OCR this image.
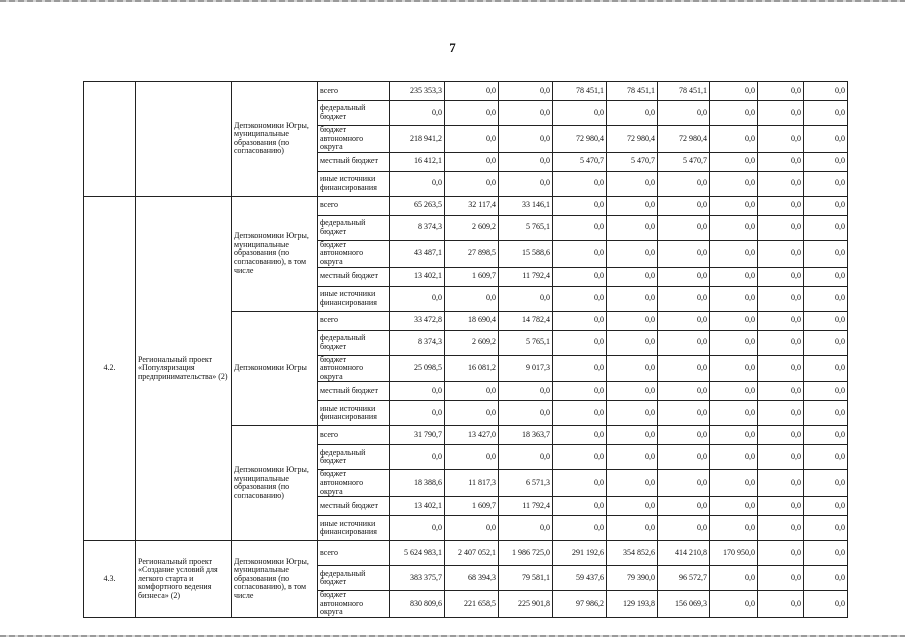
7
		Депэкономики Югры, муниципальные образования (по согласованию)	всего	235 353,3	0,0	0,0	78 451,1	78 451,1	78 451,1	0,0	0,0	0,0
			федеральный бюджет	0,0	0,0	0,0	0,0	0,0	0,0	0,0	0,0	0,0
			бюджет автономного округа	218 941,2	0,0	0,0	72 980,4	72 980,4	72 980,4	0,0	0,0	0,0
			местный бюджет	16 412,1	0,0	0,0	5 470,7	5 470,7	5 470,7	0,0	0,0	0,0
			иные источники финансирования	0,0	0,0	0,0	0,0	0,0	0,0	0,0	0,0	0,0
4.2.	Региональный проект «Популяризация предпринимательства» (2)	Депэкономики Югры, муниципальные образования (по согласованию), в том числе	всего	65 263,5	32 117,4	33 146,1	0,0	0,0	0,0	0,0	0,0	0,0
			федеральный бюджет	8 374,3	2 609,2	5 765,1	0,0	0,0	0,0	0,0	0,0	0,0
			бюджет автономного округа	43 487,1	27 898,5	15 588,6	0,0	0,0	0,0	0,0	0,0	0,0
			местный бюджет	13 402,1	1 609,7	11 792,4	0,0	0,0	0,0	0,0	0,0	0,0
			иные источники финансирования	0,0	0,0	0,0	0,0	0,0	0,0	0,0	0,0	0,0
		Депэкономики Югры	всего	33 472,8	18 690,4	14 782,4	0,0	0,0	0,0	0,0	0,0	0,0
			федеральный бюджет	8 374,3	2 609,2	5 765,1	0,0	0,0	0,0	0,0	0,0	0,0
			бюджет автономного округа	25 098,5	16 081,2	9 017,3	0,0	0,0	0,0	0,0	0,0	0,0
			местный бюджет	0,0	0,0	0,0	0,0	0,0	0,0	0,0	0,0	0,0
			иные источники финансирования	0,0	0,0	0,0	0,0	0,0	0,0	0,0	0,0	0,0
		Депэкономики Югры, муниципальные образования (по согласованию)	всего	31 790,7	13 427,0	18 363,7	0,0	0,0	0,0	0,0	0,0	0,0
			федеральный бюджет	0,0	0,0	0,0	0,0	0,0	0,0	0,0	0,0	0,0
			бюджет автономного округа	18 388,6	11 817,3	6 571,3	0,0	0,0	0,0	0,0	0,0	0,0
			местный бюджет	13 402,1	1 609,7	11 792,4	0,0	0,0	0,0	0,0	0,0	0,0
			иные источники финансирования	0,0	0,0	0,0	0,0	0,0	0,0	0,0	0,0	0,0
4.3.	Региональный проект «Создание условий для легкого старта и комфортного ведения бизнеса» (2)	Депэкономики Югры, муниципальные образования (по согласованию), в том числе	всего	5 624 983,1	2 407 052,1	1 986 725,0	291 192,6	354 852,6	414 210,8	170 950,0	0,0	0,0
			федеральный бюджет	383 375,7	68 394,3	79 581,1	59 437,6	79 390,0	96 572,7	0,0	0,0	0,0
			бюджет автономного округа	830 809,6	221 658,5	225 901,8	97 986,2	129 193,8	156 069,3	0,0	0,0	0,0
